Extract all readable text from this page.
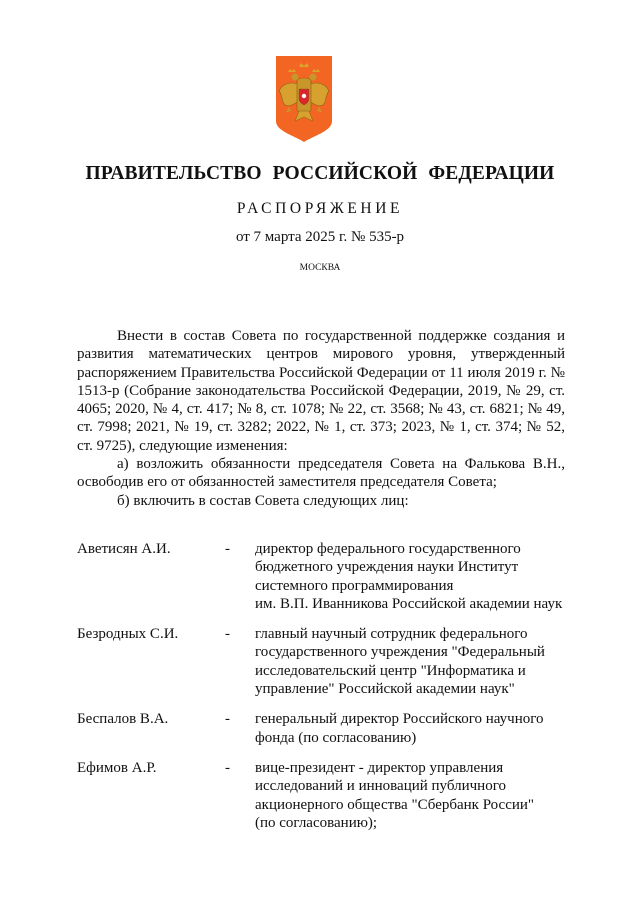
ПРАВИТЕЛЬСТВО РОССИЙСКОЙ ФЕДЕРАЦИИ
РАСПОРЯЖЕНИЕ
от 7 марта 2025 г. № 535-р
МОСКВА

Внести в состав Совета по государственной поддержке создания и развития математических центров мирового уровня, утвержденный распоряжением Правительства Российской Федерации от 11 июля 2019 г. № 1513-р (Собрание законодательства Российской Федерации, 2019, № 29, ст. 4065; 2020, № 4, ст. 417; № 8, ст. 1078; № 22, ст. 3568; № 43, ст. 6821; № 49, ст. 7998; 2021, № 19, ст. 3282; 2022, № 1, ст. 373; 2023, № 1, ст. 374; № 52, ст. 9725), следующие изменения:

а) возложить обязанности председателя Совета на Фалькова В.Н., освободив его от обязанностей заместителя председателя Совета;

б) включить в состав Совета следующих лиц:

Аветисян А.И.	-	директор федерального государственного
бюджетного учреждения науки Институт
системного программирования
им. В.П. Иванникова Российской академии наук
Безродных С.И.	-	главный научный сотрудник федерального
государственного учреждения "Федеральный
исследовательский центр "Информатика и
управление" Российской академии наук"
Беспалов В.А.	-	генеральный директор Российского научного
фонда (по согласованию)
Ефимов А.Р.	-	вице-президент - директор управления
исследований и инноваций публичного
акционерного общества "Сбербанк России"
(по согласованию);
